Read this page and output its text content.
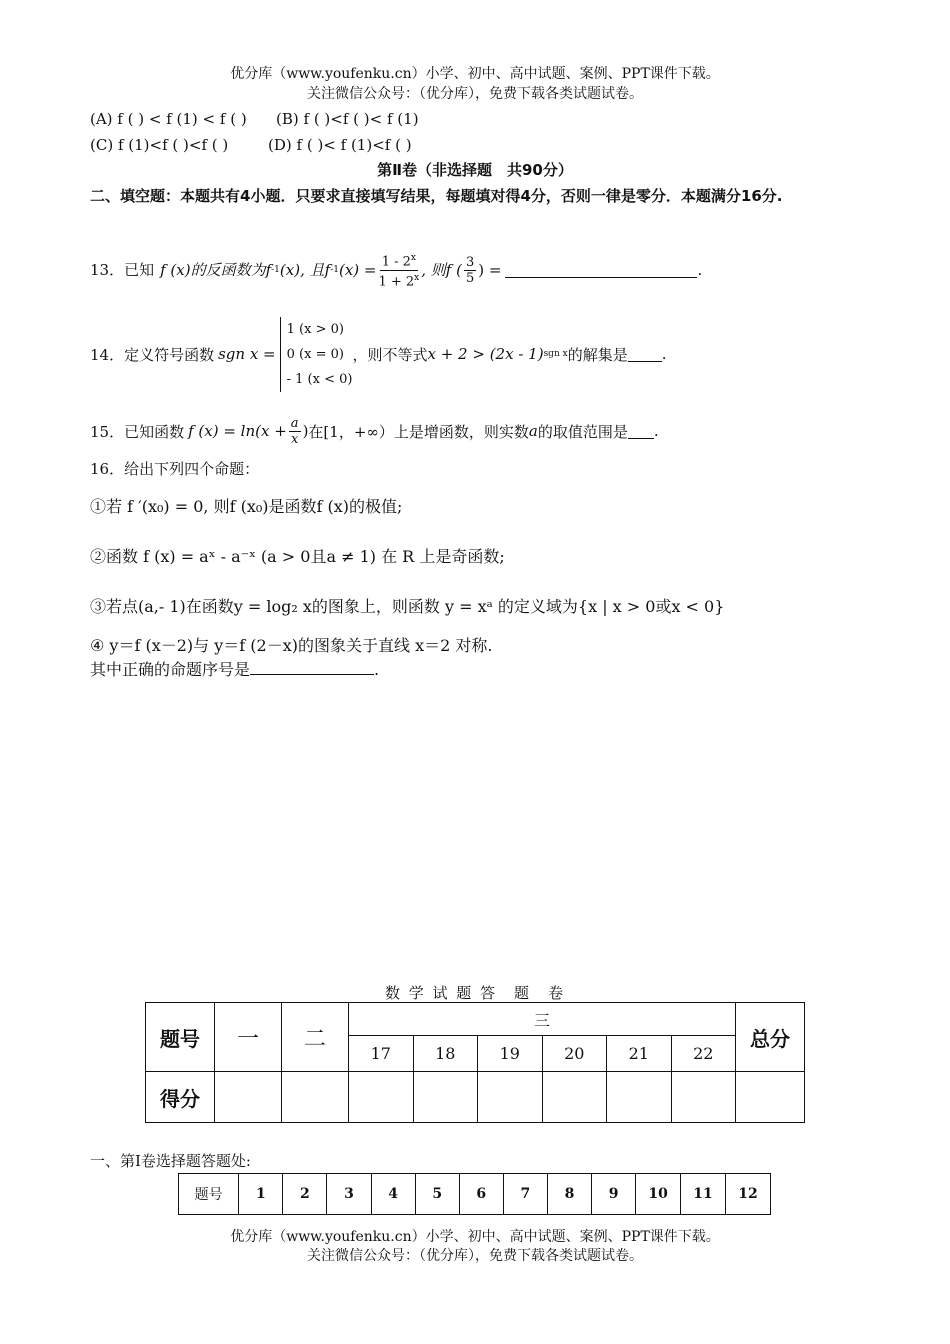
优分库（www.youfenku.cn）小学、初中、高中试题、案例、PPT课件下载。
关注微信公众号：（优分库），免费下载各类试题试卷。
(A) f ( ) < f (1) < f ( ) (B) f ( )<f ( )< f (1)
(C) f (1)<f ( )<f ( )	(D) f ( )< f (1)<f ( )
第Ⅱ卷（非选择题　共90分）
二、填空题：本题共有4小题．只要求直接填写结果，每题填对得4分，否则一律是零分．本题满分16分.
13．已知 f (x)的反函数为f -1 (x), 且f -1 $(x) = \frac{1 - 2^x}{1 + 2^x}$ , 则f ( $\frac{3}{5}$ ) =	.
14．定义符号函数 sgn x =
1 (x > 0)
0 (x = 0)
- 1 (x < 0)
，则不等式 x + 2 > (2x - 1) sgn x 的解集是 .
15．已知函数 f $(x) = \ln(x + \frac{a}{x}$ ) 在[1，+∞）上是增函数，则实数 a 的取值范围是 .
16．给出下列四个命题：
①若 f ′(x₀) = 0, 则f (x₀)是函数f (x)的极值;
②函数 f (x) = aˣ - a⁻ˣ (a > 0且a ≠ 1) 在 R 上是奇函数;
③若点(a,- 1)在函数y = log₂ x的图象上，则函数 y = xᵃ 的定义域为{x | x > 0或x < 0}
④ y＝f (x－2)与 y＝f (2－x)的图象关于直线 x＝2 对称.
其中正确的命题序号是	.
数 学 试 题 答　题　卷
题号	一	二	三						总分
			17	18	19	20	21	22	
得分									
一、第Ⅰ卷选择题答题处:
题号	1	2	3	4	5	6	7	8	9	10	11	12
优分库（www.youfenku.cn）小学、初中、高中试题、案例、PPT课件下载。
关注微信公众号：（优分库），免费下载各类试题试卷。
